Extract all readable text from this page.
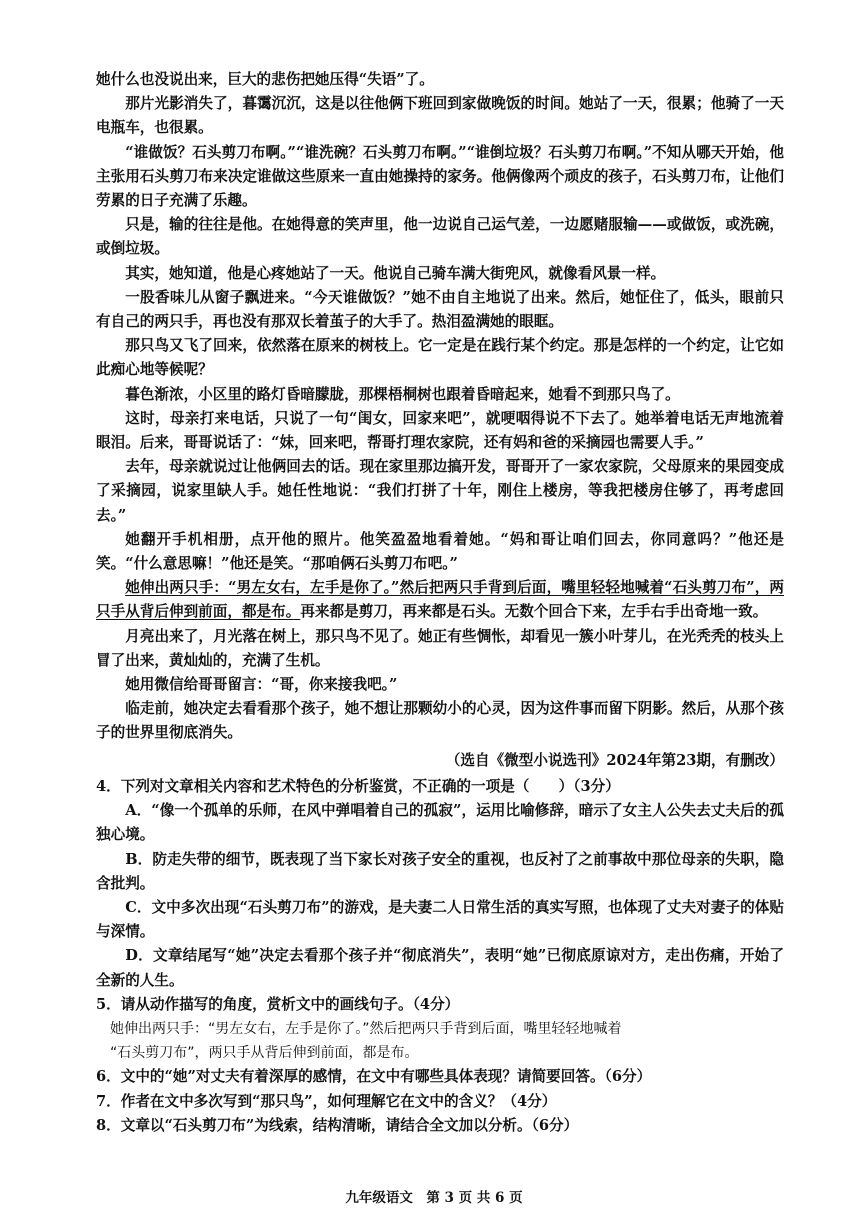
她什么也没说出来，巨大的悲伤把她压得“失语”了。

那片光影消失了，暮霭沉沉，这是以往他俩下班回到家做晚饭的时间。她站了一天，很累；他骑了一天电瓶车，也很累。

“谁做饭？石头剪刀布啊。”“谁洗碗？石头剪刀布啊。”“谁倒垃圾？石头剪刀布啊。”不知从哪天开始，他主张用石头剪刀布来决定谁做这些原来一直由她操持的家务。他俩像两个顽皮的孩子，石头剪刀布，让他们劳累的日子充满了乐趣。

只是，输的往往是他。在她得意的笑声里，他一边说自己运气差，一边愿赌服输——或做饭，或洗碗，或倒垃圾。

其实，她知道，他是心疼她站了一天。他说自己骑车满大街兜风，就像看风景一样。

一股香味儿从窗子飘进来。“今天谁做饭？”她不由自主地说了出来。然后，她怔住了，低头，眼前只有自己的两只手，再也没有那双长着茧子的大手了。热泪盈满她的眼眶。

那只鸟又飞了回来，依然落在原来的树枝上。它一定是在践行某个约定。那是怎样的一个约定，让它如此痴心地等候呢？

暮色渐浓，小区里的路灯昏暗朦胧，那棵梧桐树也跟着昏暗起来，她看不到那只鸟了。

这时，母亲打来电话，只说了一句“闺女，回家来吧”，就哽咽得说不下去了。她举着电话无声地流着眼泪。后来，哥哥说话了：“妹，回来吧，帮哥打理农家院，还有妈和爸的采摘园也需要人手。”

去年，母亲就说过让他俩回去的话。现在家里那边搞开发，哥哥开了一家农家院，父母原来的果园变成了采摘园，说家里缺人手。她任性地说：“我们打拼了十年，刚住上楼房，等我把楼房住够了，再考虑回去。”

她翻开手机相册，点开他的照片。他笑盈盈地看着她。“妈和哥让咱们回去，你同意吗？”他还是笑。“什么意思嘛！”他还是笑。“那咱俩石头剪刀布吧。”

她伸出两只手：“男左女右，左手是你了。”然后把两只手背到后面，嘴里轻轻地喊着“石头剪刀布”，两只手从背后伸到前面，都是布。再来都是剪刀，再来都是石头。无数个回合下来，左手右手出奇地一致。

月亮出来了，月光落在树上，那只鸟不见了。她正有些惆怅，却看见一簇小叶芽儿，在光秃秃的枝头上冒了出来，黄灿灿的，充满了生机。

她用微信给哥哥留言：“哥，你来接我吧。”

临走前，她决定去看看那个孩子，她不想让那颗幼小的心灵，因为这件事而留下阴影。然后，从那个孩子的世界里彻底消失。

（选自《微型小说选刊》2024年第23期，有删改）

4．下列对文章相关内容和艺术特色的分析鉴赏，不正确的一项是（　　）（3分）

A．“像一个孤单的乐师，在风中弹唱着自己的孤寂”，运用比喻修辞，暗示了女主人公失去丈夫后的孤独心境。

B．防走失带的细节，既表现了当下家长对孩子安全的重视，也反衬了之前事故中那位母亲的失职，隐含批判。

C．文中多次出现“石头剪刀布”的游戏，是夫妻二人日常生活的真实写照，也体现了丈夫对妻子的体贴与深情。

D．文章结尾写“她”决定去看那个孩子并“彻底消失”，表明“她”已彻底原谅对方，走出伤痛，开始了全新的人生。

5．请从动作描写的角度，赏析文中的画线句子。（4分）

她伸出两只手：“男左女右，左手是你了。”然后把两只手背到后面，嘴里轻轻地喊着

“石头剪刀布”，两只手从背后伸到前面，都是布。

6．文中的“她”对丈夫有着深厚的感情，在文中有哪些具体表现？请简要回答。（6分）

7．作者在文中多次写到“那只鸟”，如何理解它在文中的含义？（4分）

8．文章以“石头剪刀布”为线索，结构清晰，请结合全文加以分析。（6分）

九年级语文　第 3 页 共 6 页
